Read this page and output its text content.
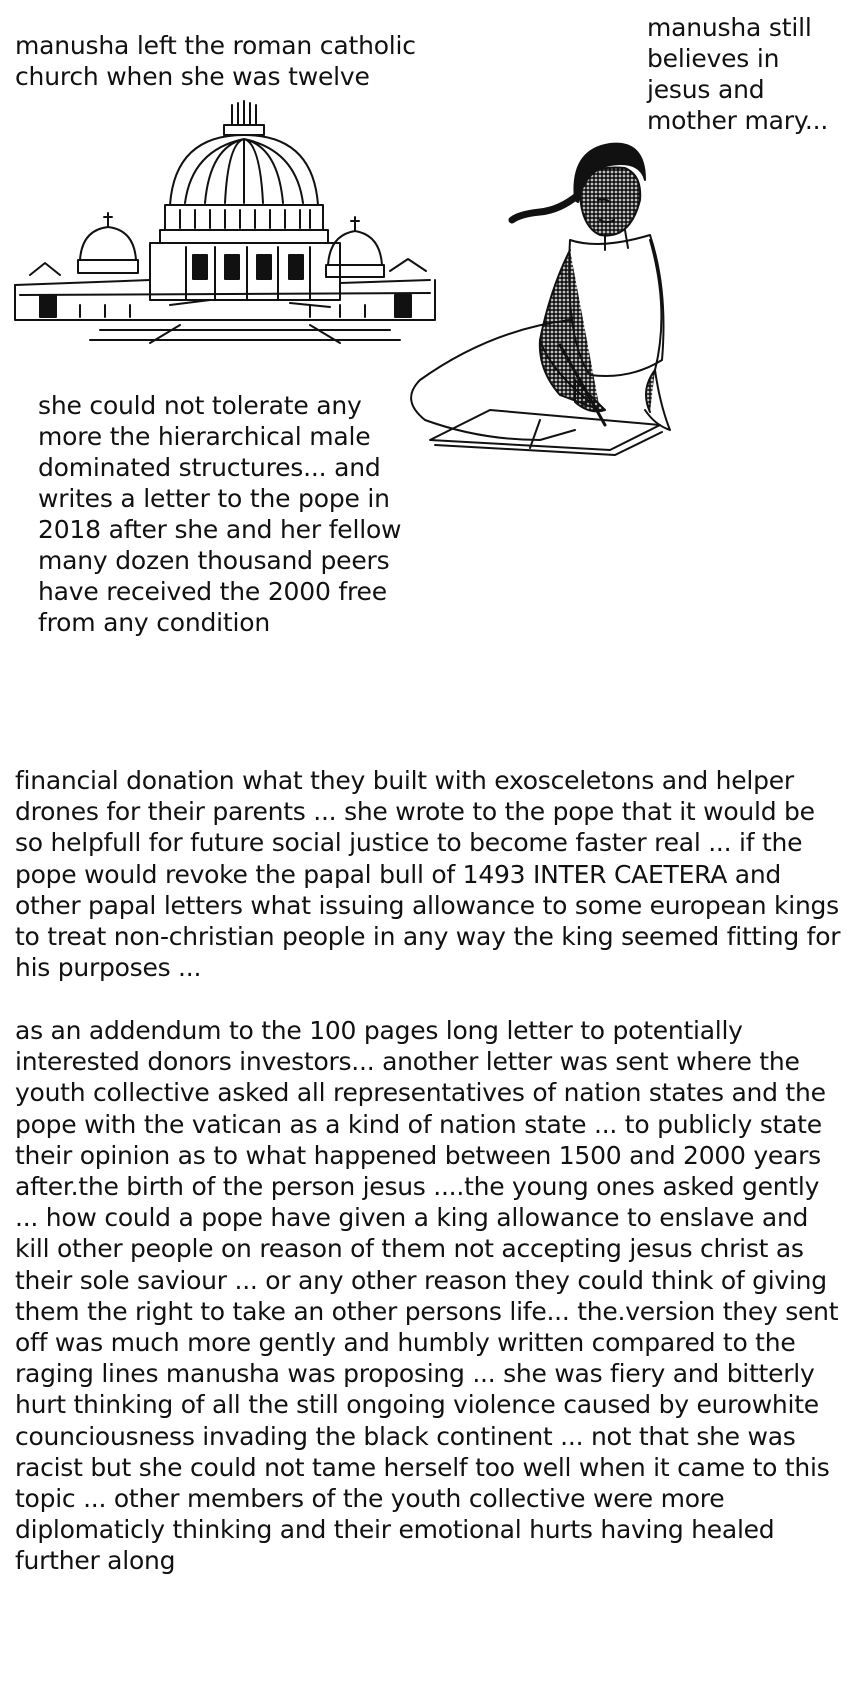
manusha left the roman catholic church when she was twelve

manusha still believes in jesus and mother mary...

she could not tolerate any more the hierarchical male dominated structures... and writes a letter to the pope in 2018 after she and her fellow many dozen thousand peers have received the 2000 free from any condition

financial donation what they built with exosceletons and helper drones for their parents ... she wrote to the pope that it would be so helpfull for future social justice to become faster real ... if the pope would revoke the papal bull of 1493 INTER CAETERA and other papal letters what issuing allowance to some european kings to treat non-christian people in any way the king seemed fitting for his purposes ...

as an addendum to the 100 pages long letter to potentially interested donors investors... another letter was sent where the youth collective asked all representatives of nation states and the pope with the vatican as a kind of nation state ... to publicly state their opinion as to what happened between 1500 and 2000 years after.the birth of the person jesus ....the young ones asked gently ... how could a pope have given a king allowance to enslave and kill other people on reason of them not accepting jesus christ as their sole saviour ... or any other reason they could think of giving them the right to take an other persons life... the.version they sent off was much more gently and humbly written compared to the raging lines manusha was proposing ... she was fiery and bitterly hurt thinking of all the still ongoing violence caused by eurowhite counciousness invading the black continent ... not that she was racist but she could not tame herself too well when it came to this topic ... other members of the youth collective were more diplomaticly thinking and their emotional hurts having healed further along
